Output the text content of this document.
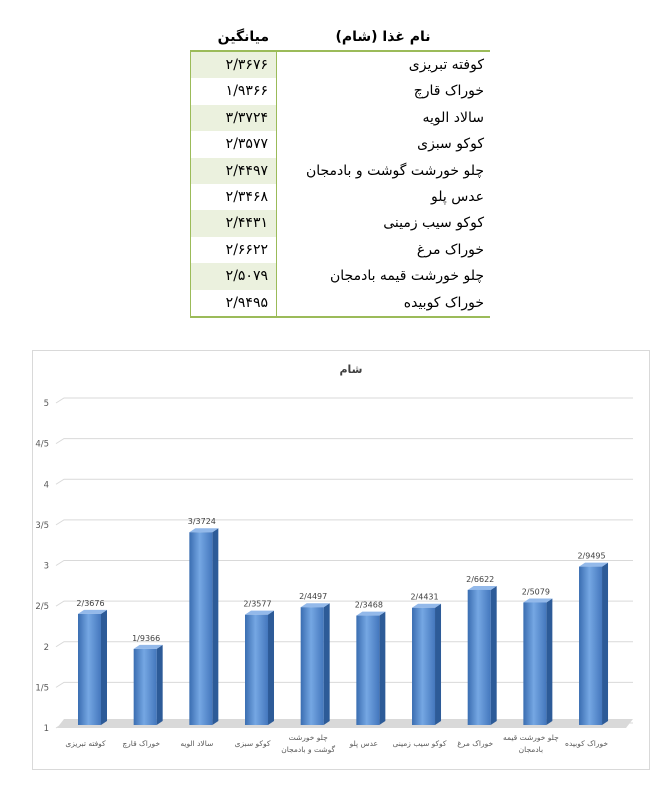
میانگین	نام غذا (شام)
۲/۳۶۷۶	کوفته تبریزی
۱/۹۳۶۶	خوراک قارچ
۳/۳۷۲۴	سالاد الویه
۲/۳۵۷۷	کوکو سبزی
۲/۴۴۹۷	چلو خورشت گوشت و بادمجان
۲/۳۴۶۸	عدس پلو
۲/۴۴۳۱	کوکو سیب زمینی
۲/۶۶۲۲	خوراک مرغ
۲/۵۰۷۹	چلو خورشت قیمه بادمجان
۲/۹۴۹۵	خوراک کوبیده
شام
1
1/5
2
2/5
3
3/5
4
4/5
5
2/3676
کوفته تبریزی
1/9366
خوراک قارچ
3/3724
سالاد الویه
2/3577
کوکو سبزی
2/4497
چلو خورشت گوشت و بادمجان
2/3468
عدس پلو
2/4431
کوکو سیب زمینی
2/6622
خوراک مرغ
2/5079
چلو خورشت قیمه بادمجان
2/9495
خوراک کوبیده
